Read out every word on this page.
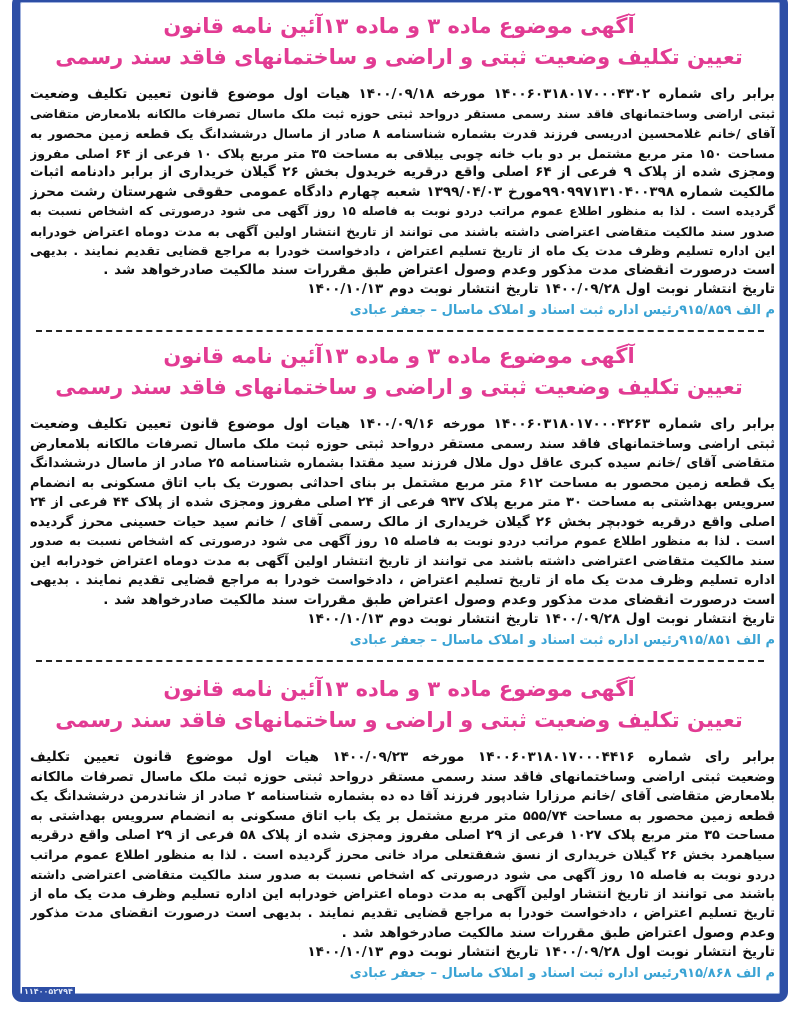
آگهی موضوع ماده ۳ و ماده ۱۳آئین نامه قانون
تعیین تکلیف وضعیت ثبتی و اراضی و ساختمانهای فاقد سند رسمی
برابر رای شماره ۱۴۰۰۶۰۳۱۸۰۱۷۰۰۰۴۳۰۲ مورخه ۱۴۰۰/۰۹/۱۸ هیات اول موضوع قانون تعیین تکلیف وضعیت
ثبتی اراضی وساختمانهای فاقد سند رسمی مستقر درواحد ثبتی حوزه ثبت ملک ماسال تصرفات مالکانه بلامعارض متقاضی
آقای /خانم غلامحسین ادریسی فرزند قدرت بشماره شناسنامه ۸ صادر از ماسال درششدانگ یک قطعه زمین محصور به
مساحت ۱۵۰ متر مربع مشتمل بر دو باب خانه چوبی ییلاقی به مساحت ۳۵ متر مربع پلاک ۱۰ فرعی از ۶۴ اصلی مفروز
ومجزی شده از پلاک ۹ فرعی از ۶۴ اصلی واقع درقریه خریدول بخش ۲۶ گیلان خریداری از برابر دادنامه اثبات
مالکیت شماره ۹۹۰۹۹۷۱۳۱۰۴۰۰۳۹۸مورخ ۱۳۹۹/۰۴/۰۳ شعبه چهارم دادگاه عمومی حقوقی شهرستان رشت محرز
گردیده است . لذا به منظور اطلاع عموم مراتب دردو نوبت به فاصله ۱۵ روز آگهی می شود درصورتی که اشخاص نسبت به
صدور سند مالکیت متقاضی اعتراضی داشته باشند می توانند از تاریخ انتشار اولین آگهی به مدت دوماه اعتراض خودرابه
این اداره تسلیم وظرف مدت یک ماه از تاریخ تسلیم اعتراض ، دادخواست خودرا به مراجع قضایی تقدیم نمایند . بدیهی
است درصورت انقضای مدت مذکور وعدم وصول اعتراض طبق مقررات سند مالکیت صادرخواهد شد .
تاریخ انتشار نوبت اول ۱۴۰۰/۰۹/۲۸ تاریخ انتشار نوبت دوم ۱۴۰۰/۱۰/۱۳
م الف ۹۱۵/۸۵۹رئیس اداره ثبت اسناد و املاک ماسال – جعفر عبادی
آگهی موضوع ماده ۳ و ماده ۱۳آئین نامه قانون
تعیین تکلیف وضعیت ثبتی و اراضی و ساختمانهای فاقد سند رسمی
برابر رای شماره ۱۴۰۰۶۰۳۱۸۰۱۷۰۰۰۴۲۶۳ مورخه ۱۴۰۰/۰۹/۱۶ هیات اول موضوع قانون تعیین تکلیف وضعیت
ثبتی اراضی وساختمانهای فاقد سند رسمی مستقر درواحد ثبتی حوزه ثبت ملک ماسال تصرفات مالکانه بلامعارض
متقاضی آقای /خانم سیده کبری عاقل دول ملال فرزند سید مقتدا بشماره شناسنامه ۲۵ صادر از ماسال درششدانگ
یک قطعه زمین محصور به مساحت ۶۱۲ متر مربع مشتمل بر بنای احداثی بصورت یک باب اتاق مسکونی به انضمام
سرویس بهداشتی به مساحت ۳۰ متر مربع پلاک ۹۳۷ فرعی از ۲۴ اصلی مفروز ومجزی شده از پلاک ۴۴ فرعی از ۲۴
اصلی واقع درقریه خودبچر بخش ۲۶ گیلان خریداری از مالک رسمی آقای / خانم سید حیات حسینی محرز گردیده
است . لذا به منظور اطلاع عموم مراتب دردو نوبت به فاصله ۱۵ روز آگهی می شود درصورتی که اشخاص نسبت به صدور
سند مالکیت متقاضی اعتراضی داشته باشند می توانند از تاریخ انتشار اولین آگهی به مدت دوماه اعتراض خودرابه این
اداره تسلیم وظرف مدت یک ماه از تاریخ تسلیم اعتراض ، دادخواست خودرا به مراجع قضایی تقدیم نمایند . بدیهی
است درصورت انقضای مدت مذکور وعدم وصول اعتراض طبق مقررات سند مالکیت صادرخواهد شد .
تاریخ انتشار نوبت اول ۱۴۰۰/۰۹/۲۸ تاریخ انتشار نوبت دوم ۱۴۰۰/۱۰/۱۳
م الف ۹۱۵/۸۵۱رئیس اداره ثبت اسناد و املاک ماسال – جعفر عبادی
آگهی موضوع ماده ۳ و ماده ۱۳آئین نامه قانون
تعیین تکلیف وضعیت ثبتی و اراضی و ساختمانهای فاقد سند رسمی
برابر رای شماره ۱۴۰۰۶۰۳۱۸۰۱۷۰۰۰۴۴۱۶ مورخه ۱۴۰۰/۰۹/۲۳ هیات اول موضوع قانون تعیین تکلیف
وضعیت ثبتی اراضی وساختمانهای فاقد سند رسمی مستقر درواحد ثبتی حوزه ثبت ملک ماسال تصرفات مالکانه
بلامعارض متقاضی آقای /خانم مرزارا شادپور فرزند آقا ده ده بشماره شناسنامه ۲ صادر از شاندرمن درششدانگ یک
قطعه زمین محصور به مساحت ۵۵۵/۷۴ متر مربع مشتمل بر یک باب اتاق مسکونی به انضمام سرویس بهداشتی به
مساحت ۳۵ متر مربع پلاک ۱۰۲۷ فرعی از ۲۹ اصلی مفروز ومجزی شده از پلاک ۵۸ فرعی از ۲۹ اصلی واقع درقریه
سیاهمرد بخش ۲۶ گیلان خریداری از نسق شفقتعلی مراد خانی محرز گردیده است . لذا به منظور اطلاع عموم مراتب
دردو نوبت به فاصله ۱۵ روز آگهی می شود درصورتی که اشخاص نسبت به صدور سند مالکیت متقاضی اعتراضی داشته
باشند می توانند از تاریخ انتشار اولین آگهی به مدت دوماه اعتراض خودرابه این اداره تسلیم وظرف مدت یک ماه از
تاریخ تسلیم اعتراض ، دادخواست خودرا به مراجع قضایی تقدیم نمایند . بدیهی است درصورت انقضای مدت مذکور
وعدم وصول اعتراض طبق مقررات سند مالکیت صادرخواهد شد .
تاریخ انتشار نوبت اول ۱۴۰۰/۰۹/۲۸ تاریخ انتشار نوبت دوم ۱۴۰۰/۱۰/۱۳
م الف ۹۱۵/۸۶۸رئیس اداره ثبت اسناد و املاک ماسال – جعفر عبادی
۱۱۴۰۰۵۲۷۹۴
